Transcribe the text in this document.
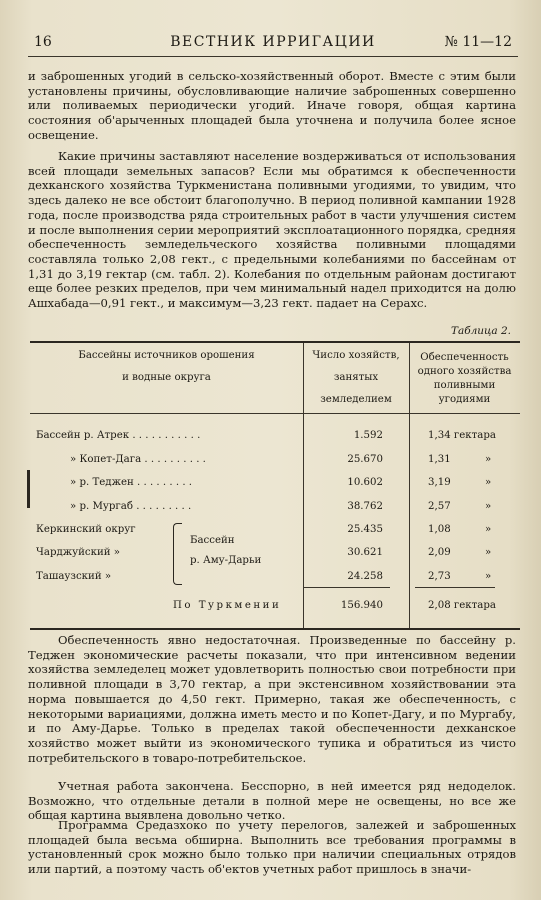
16	ВЕСТНИК ИРРИГАЦИИ	№ 11—12

и заброшенных угодий в сельско-хозяйственный оборот. Вместе с этим были установлены причины, обусловливающие наличие заброшенных совершенно или поливаемых периодически угодий. Иначе говоря, общая картина состояния об'арыченных площадей была уточнена и получила более ясное освещение.

Какие причины заставляют население воздерживаться от использования всей площади земельных запасов? Если мы обратимся к обеспеченности дехканского хозяйства Туркменистана поливными угодиями, то увидим, что здесь далеко не все обстоит благополучно. В период поливной кампании 1928 года, после производства ряда строительных работ в части улучшения систем и после выполнения серии мероприятий эксплоатационного порядка, средняя обеспеченность земледельческого хозяйства поливными площадями составляла только 2,08 гект., с предельными колебаниями по бассейнам от 1,31 до 3,19 гектар (см. табл. 2). Колебания по отдельным районам достигают еще более резких пределов, при чем минимальный надел приходится на долю Ашхабада—0,91 гект., и максимум—3,23 гект. падает на Серахс.

Таблица 2.
Бассейны источников орошения
и водные округа
Число хозяйств, занятых земледелием
Обеспеченность одного хозяйства поливными угодиями
Бассейн р. Атрек . . . . . . . . . . .	1.592	1,34 гектара
» Копет-Дага . . . . . . . . . .	25.670	1,31	»
» р. Теджен . . . . . . . . .	10.602	3,19	»
» р. Мургаб . . . . . . . . .	38.762	2,57	»
Керкинский округ	25.435	1,08	»
Чарджуйский »	30.621	2,09	»
Ташаузский »	24.258	2,73	»
Бассейн
р. Аму-Дарьи
По Туркмении	156.940	2,08 гектара

Обеспеченность явно недостаточная. Произведенные по бассейну р. Теджен экономические расчеты показали, что при интенсивном ведении хозяйства земледелец может удовлетворить полностью свои потребности при поливной площади в 3,70 гектар, а при экстенсивном хозяйствовании эта норма повышается до 4,50 гект. Примерно, такая же обеспеченность, с некоторыми вариациями, должна иметь место и по Копет-Дагу, и по Мургабу, и по Аму-Дарье. Только в пределах такой обеспеченности дехканское хозяйство может выйти из экономического тупика и обратиться из чисто потребительского в товаро-потребительское.

Учетная работа закончена. Бесспорно, в ней имеется ряд недоделок. Возможно, что отдельные детали в полной мере не освещены, но все же общая картина выявлена довольно четко.

Программа Средазхоко по учету перелогов, залежей и заброшенных площадей была весьма обширна. Выполнить все требования программы в установленный срок можно было только при наличии специальных отрядов или партий, а поэтому часть об'ектов учетных работ пришлось в значи-
